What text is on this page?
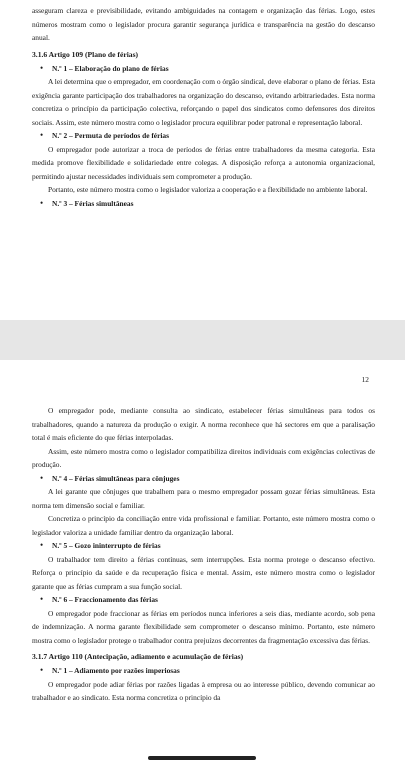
asseguram clareza e previsibilidade, evitando ambiguidades na contagem e organização das férias. Logo, estes números mostram como o legislador procura garantir segurança jurídica e transparência na gestão do descanso anual.

3.1.6 Artigo 109 (Plano de férias)

• N.º 1 – Elaboração do plano de férias

A lei determina que o empregador, em coordenação com o órgão sindical, deve elaborar o plano de férias. Esta exigência garante participação dos trabalhadores na organização do descanso, evitando arbitrariedades. Esta norma concretiza o princípio da participação colectiva, reforçando o papel dos sindicatos como defensores dos direitos sociais. Assim, este número mostra como o legislador procura equilibrar poder patronal e representação laboral.

• N.º 2 – Permuta de períodos de férias

O empregador pode autorizar a troca de períodos de férias entre trabalhadores da mesma categoria. Esta medida promove flexibilidade e solidariedade entre colegas. A disposição reforça a autonomia organizacional, permitindo ajustar necessidades individuais sem comprometer a produção.

Portanto, este número mostra como o legislador valoriza a cooperação e a flexibilidade no ambiente laboral.

• N.º 3 – Férias simultâneas

12

O empregador pode, mediante consulta ao sindicato, estabelecer férias simultâneas para todos os trabalhadores, quando a natureza da produção o exigir. A norma reconhece que há sectores em que a paralisação total é mais eficiente do que férias interpoladas.

Assim, este número mostra como o legislador compatibiliza direitos individuais com exigências colectivas de produção.

• N.º 4 – Férias simultâneas para cônjuges

A lei garante que cônjuges que trabalhem para o mesmo empregador possam gozar férias simultâneas. Esta norma tem dimensão social e familiar.

Concretiza o princípio da conciliação entre vida profissional e familiar. Portanto, este número mostra como o legislador valoriza a unidade familiar dentro da organização laboral.

• N.º 5 – Gozo ininterrupto de férias

O trabalhador tem direito a férias contínuas, sem interrupções. Esta norma protege o descanso efectivo. Reforça o princípio da saúde e da recuperação física e mental. Assim, este número mostra como o legislador garante que as férias cumpram a sua função social.

• N.º 6 – Fraccionamento das férias

O empregador pode fraccionar as férias em períodos nunca inferiores a seis dias, mediante acordo, sob pena de indemnização. A norma garante flexibilidade sem comprometer o descanso mínimo. Portanto, este número mostra como o legislador protege o trabalhador contra prejuízos decorrentes da fragmentação excessiva das férias.

3.1.7 Artigo 110 (Antecipação, adiamento e acumulação de férias)

• N.º 1 – Adiamento por razões imperiosas

O empregador pode adiar férias por razões ligadas à empresa ou ao interesse público, devendo comunicar ao trabalhador e ao sindicato. Esta norma concretiza o princípio da
